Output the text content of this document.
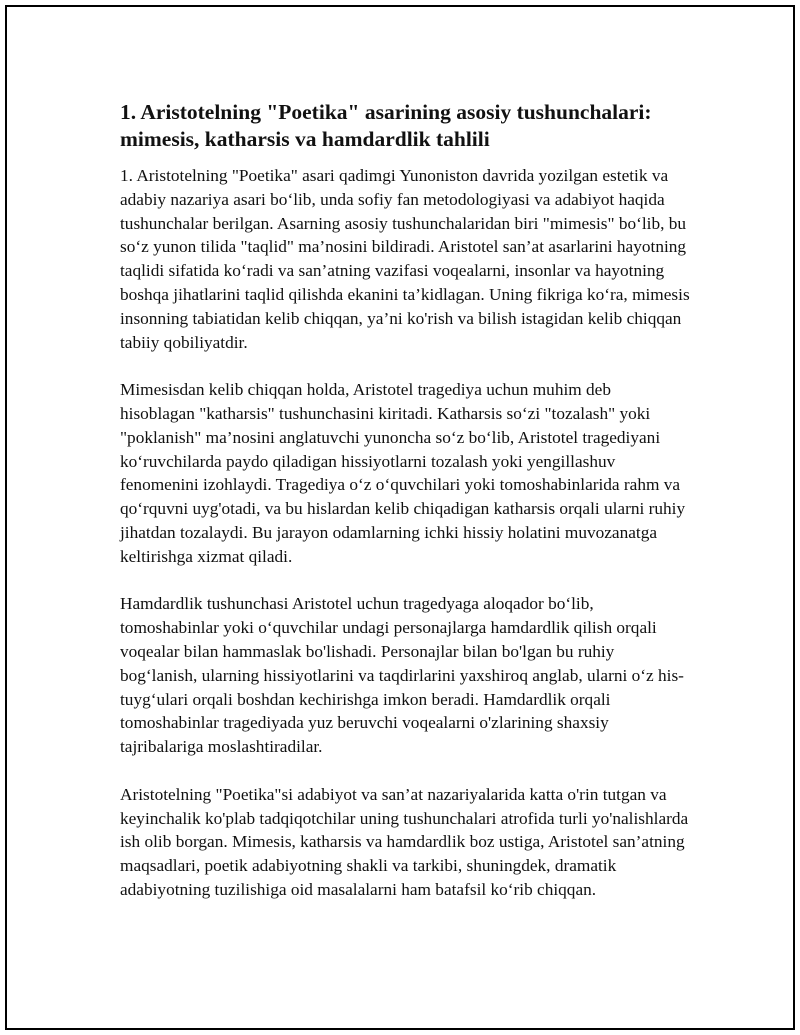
1. Aristotelning "Poetika" asarining asosiy tushunchalari: mimesis, katharsis va hamdardlik tahlili

1. Aristotelning "Poetika" asari qadimgi Yunoniston davrida yozilgan estetik va adabiy nazariya asari bo‘lib, unda sofiy fan metodologiyasi va adabiyot haqida tushunchalar berilgan. Asarning asosiy tushunchalaridan biri "mimesis" bo‘lib, bu so‘z yunon tilida "taqlid" ma’nosini bildiradi. Aristotel san’at asarlarini hayotning taqlidi sifatida ko‘radi va san’atning vazifasi voqealarni, insonlar va hayotning boshqa jihatlarini taqlid qilishda ekanini ta’kidlagan. Uning fikriga ko‘ra, mimesis insonning tabiatidan kelib chiqqan, ya’ni ko'rish va bilish istagidan kelib chiqqan tabiiy qobiliyatdir.

Mimesisdan kelib chiqqan holda, Aristotel tragediya uchun muhim deb hisoblagan "katharsis" tushunchasini kiritadi. Katharsis so‘zi "tozalash" yoki "poklanish" ma’nosini anglatuvchi yunoncha so‘z bo‘lib, Aristotel tragediyani ko‘ruvchilarda paydo qiladigan hissiyotlarni tozalash yoki yengillashuv fenomenini izohlaydi. Tragediya o‘z o‘quvchilari yoki tomoshabinlarida rahm va qo‘rquvni uyg'otadi, va bu hislardan kelib chiqadigan katharsis orqali ularni ruhiy jihatdan tozalaydi. Bu jarayon odamlarning ichki hissiy holatini muvozanatga keltirishga xizmat qiladi.

Hamdardlik tushunchasi Aristotel uchun tragedyaga aloqador bo‘lib, tomoshabinlar yoki o‘quvchilar undagi personajlarga hamdardlik qilish orqali voqealar bilan hammaslak bo'lishadi. Personajlar bilan bo'lgan bu ruhiy bog‘lanish, ularning hissiyotlarini va taqdirlarini yaxshiroq anglab, ularni o‘z his-tuyg‘ulari orqali boshdan kechirishga imkon beradi. Hamdardlik orqali tomoshabinlar tragediyada yuz beruvchi voqealarni o'zlarining shaxsiy tajribalariga moslashtiradilar.

Aristotelning "Poetika"si adabiyot va san’at nazariyalarida katta o'rin tutgan va keyinchalik ko'plab tadqiqotchilar uning tushunchalari atrofida turli yo'nalishlarda ish olib borgan. Mimesis, katharsis va hamdardlik boz ustiga, Aristotel san’atning maqsadlari, poetik adabiyotning shakli va tarkibi, shuningdek, dramatik adabiyotning tuzilishiga oid masalalarni ham batafsil ko‘rib chiqqan.
